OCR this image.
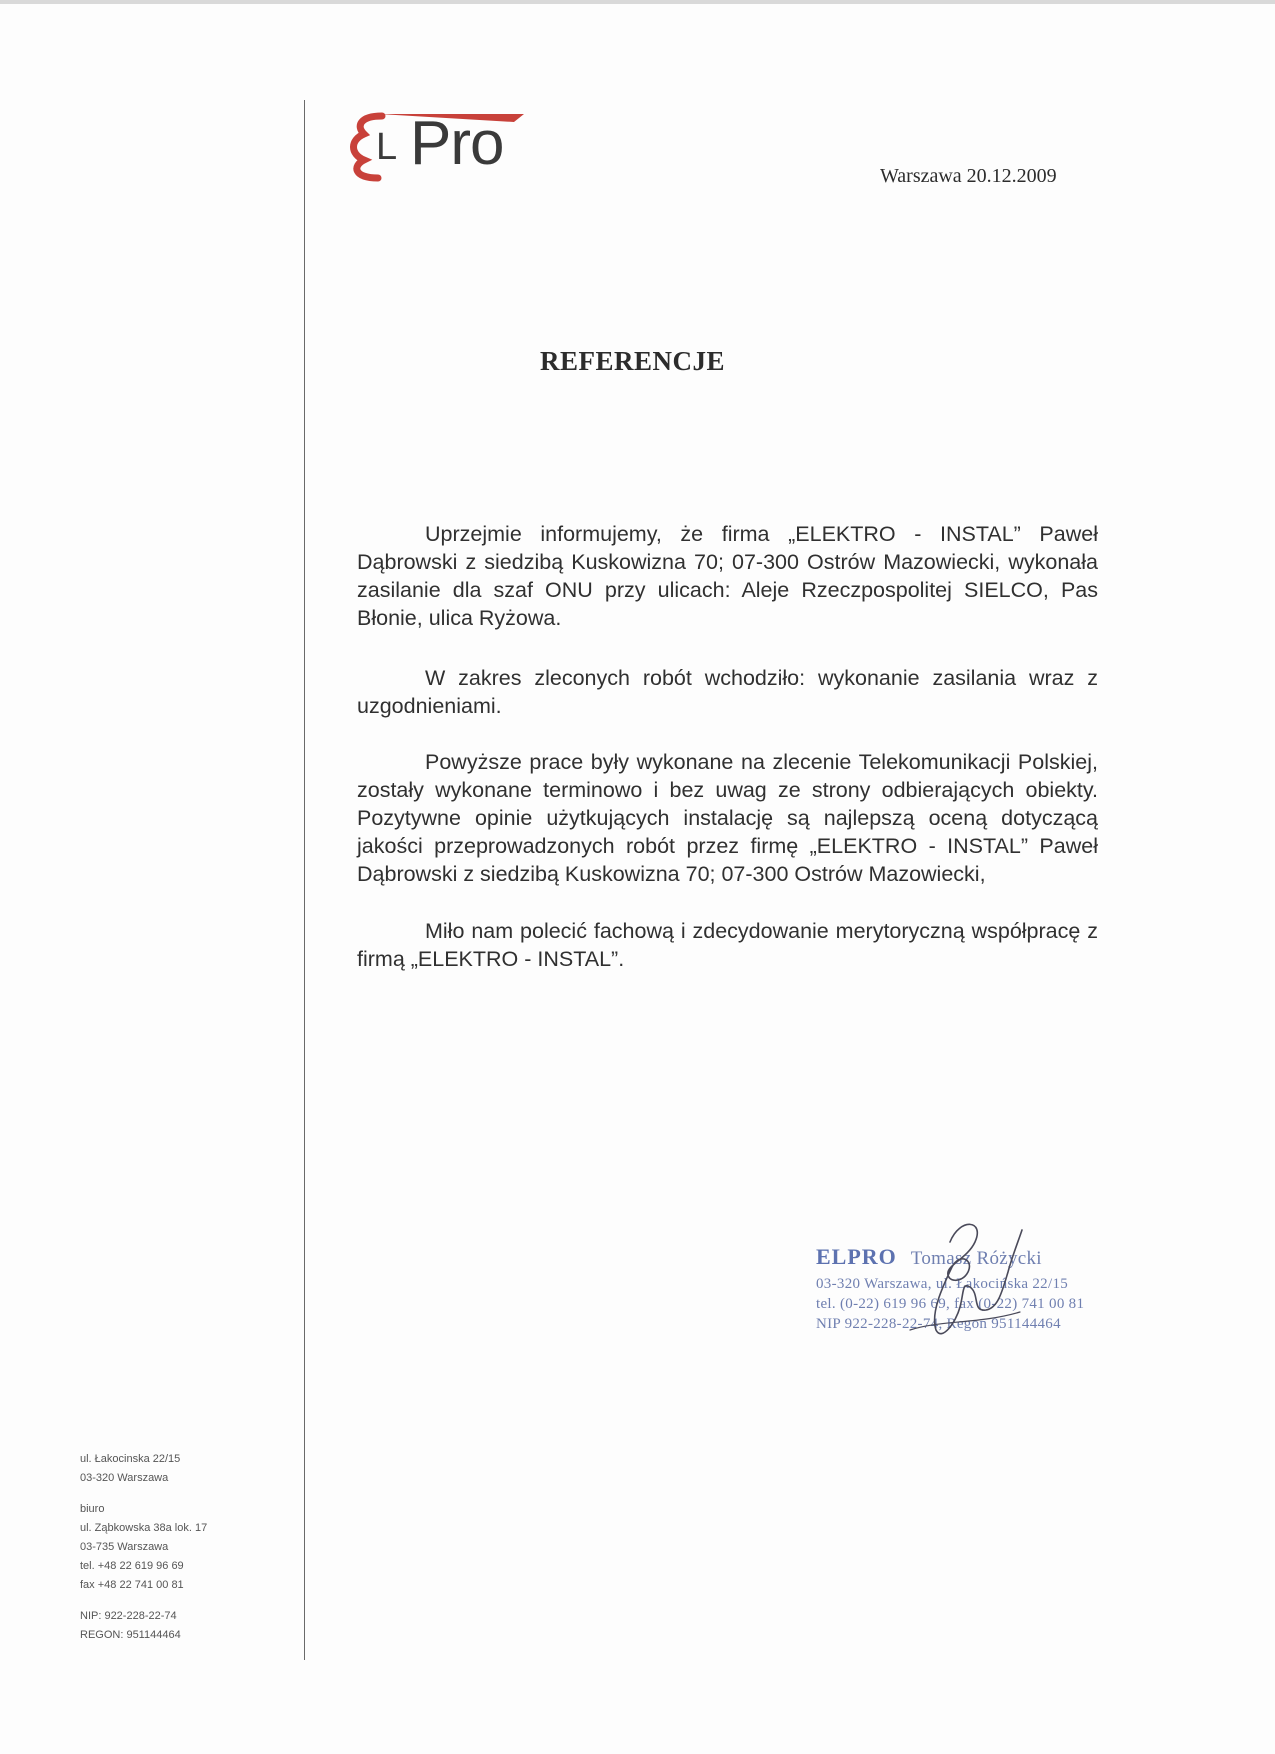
L Pro	Warszawa 20.12.2009
REFERENCJE

Uprzejmie informujemy, że firma „ELEKTRO - INSTAL” Paweł Dąbrowski z siedzibą Kuskowizna 70; 07-300 Ostrów Mazowiecki, wykonała zasilanie dla szaf ONU przy ulicach: Aleje Rzeczpospolitej SIELCO, Pas Błonie, ulica Ryżowa.

W zakres zleconych robót wchodziło: wykonanie zasilania wraz z uzgodnieniami.

Powyższe prace były wykonane na zlecenie Telekomunikacji Polskiej, zostały wykonane terminowo i bez uwag ze strony odbierających obiekty. Pozytywne opinie użytkujących instalację są najlepszą oceną dotyczącą jakości przeprowadzonych robót przez firmę „ELEKTRO - INSTAL” Paweł Dąbrowski z siedzibą Kuskowizna 70; 07-300 Ostrów Mazowiecki,

Miło nam polecić fachową i zdecydowanie merytoryczną współpracę z firmą „ELEKTRO - INSTAL”.

ELPRO Tomasz Różycki
03-320 Warszawa, ul. Łakocińska 22/15
tel. (0-22) 619 96 69, fax (0-22) 741 00 81
NIP 922-228-22-74, Regon 951144464
ul. Łakocinska 22/15
03-320 Warszawa
biuro
ul. Ząbkowska 38a lok. 17
03-735 Warszawa
tel. +48 22 619 96 69
fax +48 22 741 00 81
NIP: 922-228-22-74
REGON: 951144464
